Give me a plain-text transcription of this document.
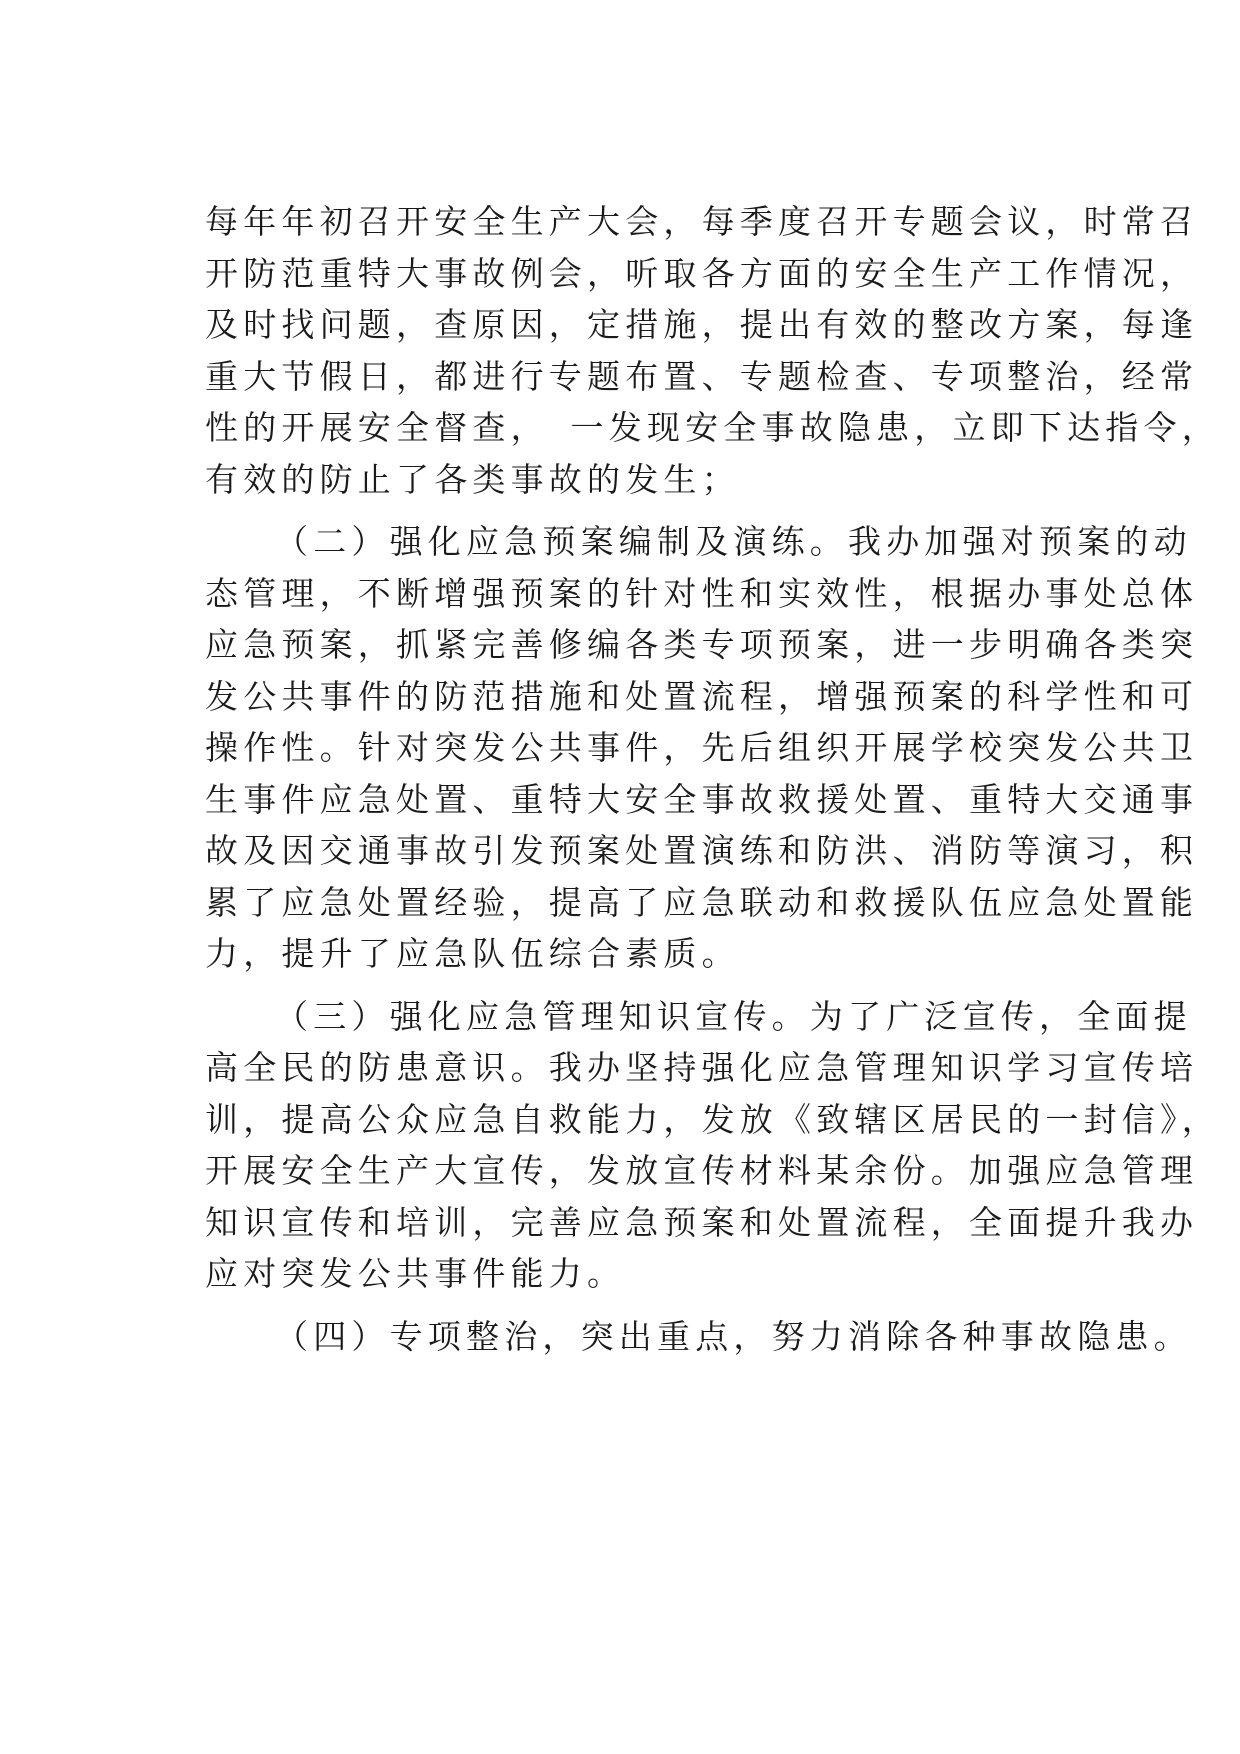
每年年初召开安全生产大会，每季度召开专题会议，时常召
开防范重特大事故例会，听取各方面的安全生产工作情况，
及时找问题，查原因，定措施，提出有效的整改方案，每逢
重大节假日，都进行专题布置、专题检查、专项整治，经常
性的开展安全督查，　一发现安全事故隐患，立即下达指令，
有效的防止了各类事故的发生；
（二）强化应急预案编制及演练。我办加强对预案的动
态管理，不断增强预案的针对性和实效性，根据办事处总体
应急预案，抓紧完善修编各类专项预案，进一步明确各类突
发公共事件的防范措施和处置流程，增强预案的科学性和可
操作性。针对突发公共事件，先后组织开展学校突发公共卫
生事件应急处置、重特大安全事故救援处置、重特大交通事
故及因交通事故引发预案处置演练和防洪、消防等演习，积
累了应急处置经验，提高了应急联动和救援队伍应急处置能
力，提升了应急队伍综合素质。
（三）强化应急管理知识宣传。为了广泛宣传，全面提
高全民的防患意识。我办坚持强化应急管理知识学习宣传培
训，提高公众应急自救能力，发放《致辖区居民的一封信》，
开展安全生产大宣传，发放宣传材料某余份。加强应急管理
知识宣传和培训，完善应急预案和处置流程，全面提升我办
应对突发公共事件能力。
（四）专项整治，突出重点，努力消除各种事故隐患。
